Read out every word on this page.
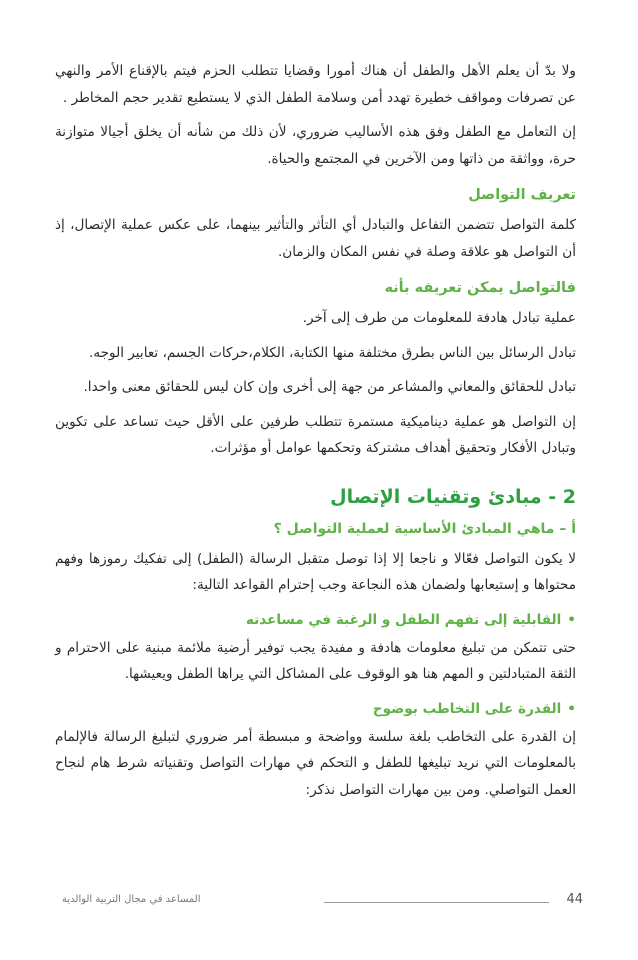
ولا بدّ أن يعلم الأهل والطفل أن هناك أمورا وقضايا تتطلب الحزم فيتم بالإقناع الأمر والنهي عن تصرفات ومواقف خطيرة تهدد أمن وسلامة الطفل الذي لا يستطيع تقدير حجم المخاطر .

إن التعامل مع الطفل وفق هذه الأساليب ضروري، لأن ذلك من شأنه أن يخلق أجيالا متوازنة حرة، وواثقة من ذاتها ومن الآخرين في المجتمع والحياة.

تعريف التواصل

كلمة التواصل تتضمن التفاعل والتبادل أي التأثر والتأثير بينهما، على عكس عملية الإتصال، إذ أن التواصل هو علاقة وصلة في نفس المكان والزمان.

فالتواصل يمكن تعريفه بأنه

عملية تبادل هادفة للمعلومات من طرف إلى آخر.

تبادل الرسائل بين الناس بطرق مختلفة منها الكتابة، الكلام،حركات الجسم، تعابير الوجه.

تبادل للحقائق والمعاني والمشاعر من جهة إلى أخرى وإن كان ليس للحقائق معنى واحدا.

إن التواصل هو عملية ديناميكية مستمرة تتطلب طرفين على الأقل حيث تساعد على تكوين وتبادل الأفكار وتحقيق أهداف مشتركة وتحكمها عوامل أو مؤثرات.

2 - مبادئ وتقنيات الإتصال
أ – ماهي المبادئ الأساسية لعملية التواصل ؟

لا يكون التواصل فعّالا و ناجعا إلا إذا توصل متقبل الرسالة (الطفل) إلى تفكيك رموزها وفهم محتواها و إستيعابها ولضمان هذه النجاعة وجب إحترام القواعد التالية:

•القابلية إلى تفهم الطفل و الرغبة في مساعدته

حتى تتمكن من تبليغ معلومات هادفة و مفيدة يجب توفير أرضية ملائمة مبنية على الاحترام و الثقة المتبادلتين و المهم هنا هو الوقوف على المشاكل التي يراها الطفل ويعيشها.

•القدرة على التخاطب بوضوح

إن القدرة على التخاطب بلغة سلسة وواضحة و مبسطة أمر ضروري لتبليغ الرسالة فالإلمام بالمعلومات التي نريد تبليغها للطفل و التحكم في مهارات التواصل وتقنياته شرط هام لنجاح العمل التواصلي. ومن بين مهارات التواصل نذكر:

44
المساعد في مجال التربية الوالدية
